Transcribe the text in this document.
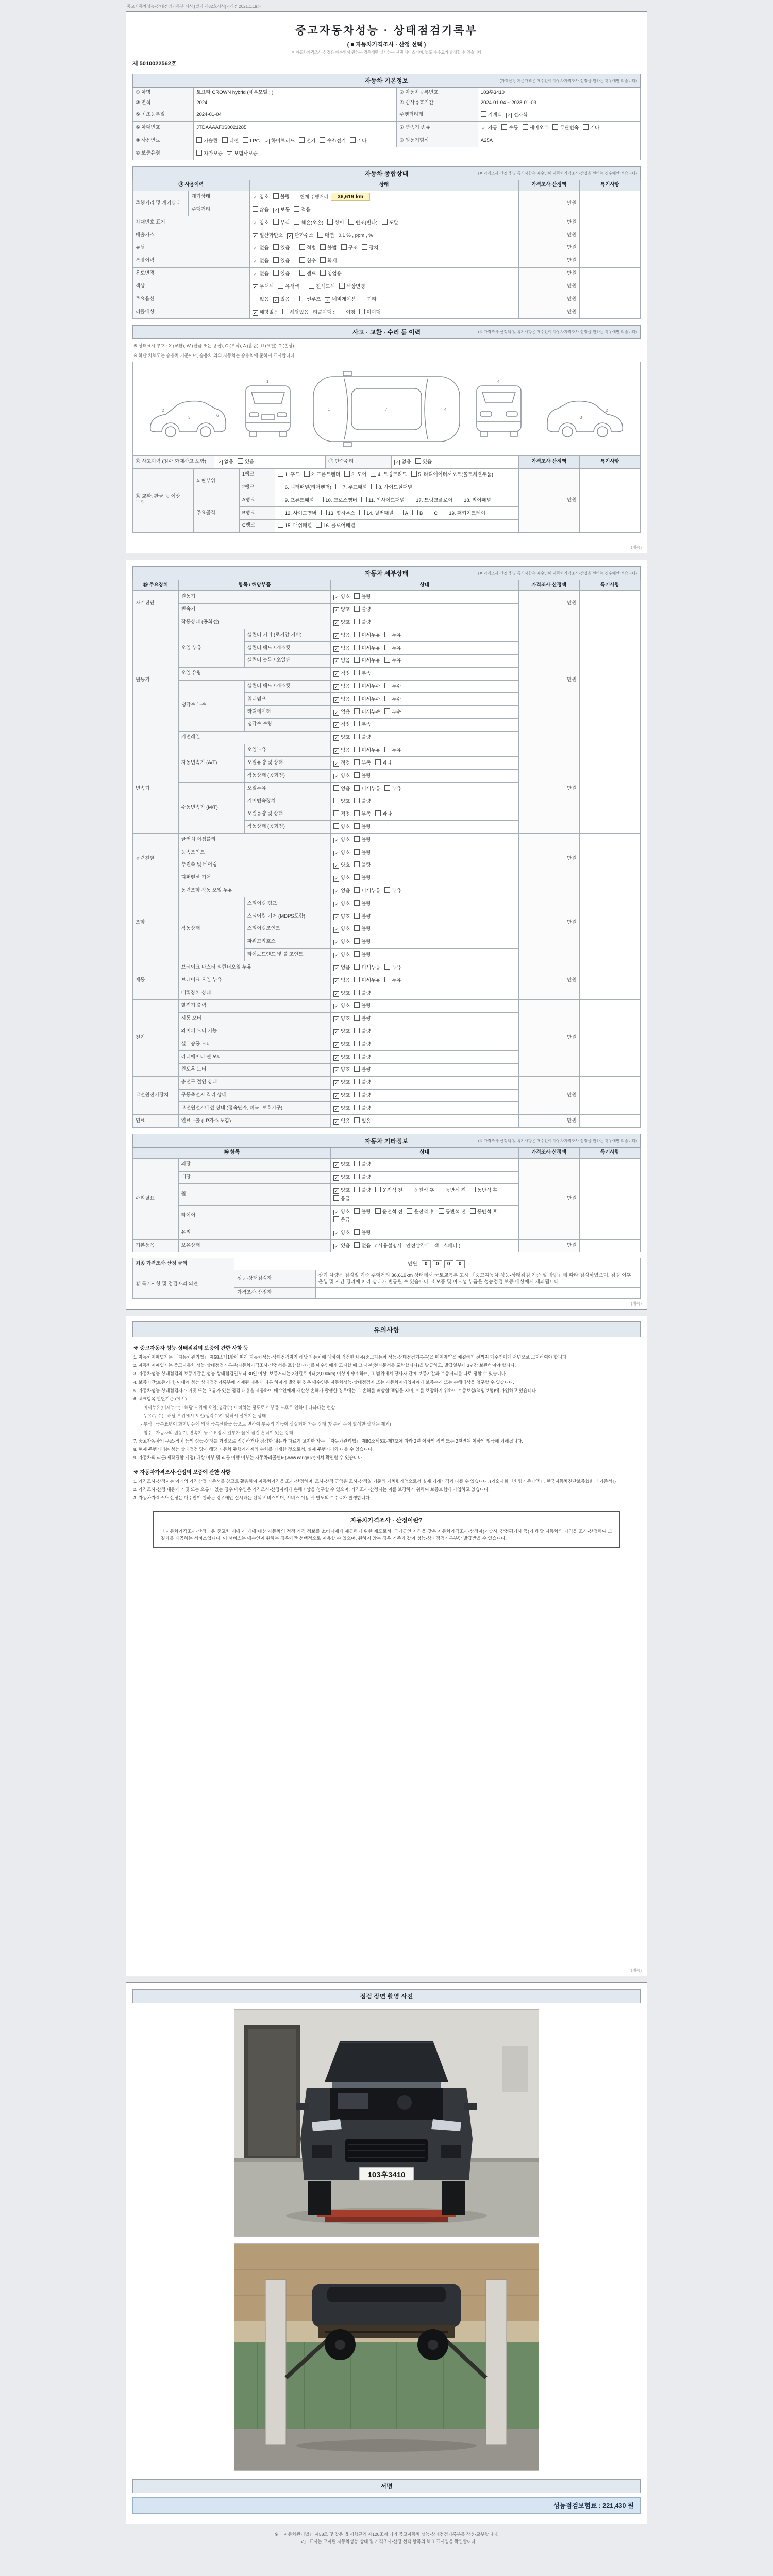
중고자동차성능·상태점검기록부 서식 [별지 제82호서식] <개정 2021.1.19.>
중고자동차성능 · 상태점검기록부
( ■ 자동차가격조사 · 산정 선택 )
※ 자동차가격조사·산정은 매수인이 원하는 경우에만 실시하는 선택 서비스이며, 별도 수수료가 발생할 수 있습니다
제 5010022562호
자동차 기본정보	(가격산정 기준가격은 매수인이 자동차가격조사·산정을 원하는 경우에만 적습니다)
① 차명	토요타 CROWN hybrid (세부모델 : )	② 자동차등록번호	103후3410
③ 연식	2024	④ 검사유효기간	2024-01-04 ~ 2028-01-03
⑤ 최초등록일	2024-01-04	주행거리계	기계식 ✓ 전자식
⑥ 차대번호	JTDAAAAF0S0021285	⑦ 변속기 종류	✓ 자동 수동 세미오토 무단변속 기타
⑧ 사용연료	가솔린 디젤 LPG ✓ 하이브리드 전기 수소전기 기타	⑨ 원동기형식	A25A
⑩ 보증유형	자가보증 ✓ 보험사보증		
자동차 종합상태	(※ 가격조사·산정액 및 특기사항은 매수인이 자동차가격조사·산정을 원하는 경우에만 적습니다)
⑪ 사용이력		상태	가격조사·산정액	특기사항
주행거리 및 계기상태	계기상태	✓ 양호 불량 현재 주행거리 36,619 km	만원	
	주행거리	많음 ✓ 보통 적음		
차대번호 표기		✓ 양호 부식 훼손(오손) 상이 변조(변타) 도말	만원	
배출가스		✓ 일산화탄소 ✓ 탄화수소 매연 0.1 % , ppm , %	만원	
튜닝		✓ 없음 있음 적법 불법 구조 장치	만원	
특별이력		✓ 없음 있음 침수 화재	만원	
용도변경		✓ 없음 있음 렌트 영업용	만원	
색상		✓ 무채색 유채색 전체도색 색상변경	만원	
주요옵션		없음 ✓ 있음 썬루프 ✓ 네비게이션 기타	만원	
리콜대상		✓ 해당없음 해당있음 리콜이행 : 이행 미이행	만원	
사고 · 교환 · 수리 등 이력	(※ 가격조사·산정액 및 특기사항은 매수인이 자동차가격조사·산정을 원하는 경우에만 적습니다)
※ 상태표시 부호 : X (교환), W (판금 또는 용접), C (부식), A (흠집), U (요철), T (손상)
※ 하단 차체도는 승용차 기준이며, 승용차 외의 자동차는 승용차에 준하여 표시합니다
2
3	6
1
1	7	4
4
2
3
⑫ 사고이력 (침수·화재사고 포함)	✓ 없음 있음	⑬ 단순수리	✓ 없음 있음	가격조사·산정액	특기사항
⑭ 교환, 판금 등 이상 부위	외판부위	1랭크	1. 후드 2. 프론트펜더 3. 도어 4. 트렁크리드 5. 라디에이터서포트(볼트체결부품)	만원	
		2랭크	6. 쿼터패널(리어펜더) 7. 루프패널 8. 사이드실패널		
	주요골격	A랭크	9. 프론트패널 10. 크로스멤버 11. 인사이드패널 17. 트렁크플로어 18. 리어패널		
		B랭크	12. 사이드멤버 13. 휠하우스 14. 필러패널 A B C 19. 패키지트레이		
		C랭크	15. 대쉬패널 16. 플로어패널		
(계속)
자동차 세부상태	(※ 가격조사·산정액 및 특기사항은 매수인이 자동차가격조사·산정을 원하는 경우에만 적습니다)
⑮ 주요장치	항목 / 해당부품		상태	가격조사·산정액	특기사항
자기진단	원동기		✓ 양호 불량	만원	
	변속기		✓ 양호 불량		
원동기	작동상태 (공회전)		✓ 양호 불량	만원	
	오일 누유	실린더 커버 (로커암 커버)	✓ 없음 미세누유 누유		
		실린더 헤드 / 개스킷	✓ 없음 미세누유 누유		
		실린더 블록 / 오일팬	✓ 없음 미세누유 누유		
	오일 유량		✓ 적정 부족		
	냉각수 누수	실린더 헤드 / 개스킷	✓ 없음 미세누수 누수		
		워터펌프	✓ 없음 미세누수 누수		
		라디에이터	✓ 없음 미세누수 누수		
		냉각수 수량	✓ 적정 부족		
	커먼레일		✓ 양호 불량		
변속기	자동변속기 (A/T)	오일누유	✓ 없음 미세누유 누유	만원	
		오일유량 및 상태	✓ 적정 부족 과다		
		작동상태 (공회전)	✓ 양호 불량		
	수동변속기 (M/T)	오일누유	없음 미세누유 누유		
		기어변속장치	양호 불량		
		오일유량 및 상태	적정 부족 과다		
		작동상태 (공회전)	양호 불량		
동력전달	클러치 어셈블리		✓ 양호 불량	만원	
	등속조인트		✓ 양호 불량		
	추진축 및 베어링		✓ 양호 불량		
	디퍼렌셜 기어		✓ 양호 불량		
조향	동력조향 작동 오일 누유		✓ 없음 미세누유 누유	만원	
	작동상태	스티어링 펌프	✓ 양호 불량		
		스티어링 기어 (MDPS포함)	✓ 양호 불량		
		스티어링조인트	✓ 양호 불량		
		파워고압호스	✓ 양호 불량		
		타이로드엔드 및 볼 조인트	✓ 양호 불량		
제동	브레이크 마스터 실린더오일 누유		✓ 없음 미세누유 누유	만원	
	브레이크 오일 누유		✓ 없음 미세누유 누유		
	배력장치 상태		✓ 양호 불량		
전기	발전기 출력		✓ 양호 불량	만원	
	시동 모터		✓ 양호 불량		
	와이퍼 모터 기능		✓ 양호 불량		
	실내송풍 모터		✓ 양호 불량		
	라디에이터 팬 모터		✓ 양호 불량		
	윈도우 모터		✓ 양호 불량		
고전원전기장치	충전구 절연 상태		✓ 양호 불량	만원	
	구동축전지 격리 상태		✓ 양호 불량		
	고전원전기배선 상태 (접속단자, 피복, 보호기구)		✓ 양호 불량		
연료	연료누출 (LP가스 포함)		✓ 없음 있음	만원	
자동차 기타정보	(※ 가격조사·산정액 및 특기사항은 매수인이 자동차가격조사·산정을 원하는 경우에만 적습니다)
⑯ 항목		상태	가격조사·산정액	특기사항
수리필요	외장	✓ 양호 불량	만원	
	내장	✓ 양호 불량		
	휠	✓ 양호 불량 운전석 전 운전석 후 동반석 전 동반석 후응급		
	타이어	✓ 양호 불량 운전석 전 운전석 후 동반석 전 동반석 후응급		
	유리	✓ 양호 불량		
기본품목	보유상태	✓ 있음 없음 ( 사용설명서 · 안전삼각대 · 잭 · 스패너 )	만원	
최종 가격조사·산정 금액	만원 0 0 0 0	
⑰ 특기사항 및 점검자의 의견	성능·상태점검자	상기 차량은 점검일 기준 주행거리 36,619km 상태에서 국토교통부 고시 「중고자동차 성능·상태점검 기준 및 방법」에 따라 점검하였으며, 점검 이후 운행 및 시간 경과에 따라 상태가 변동될 수 있습니다. 소모품 및 마모성 부품은 성능점검 보증 대상에서 제외됩니다.
	가격조사·산정자	
(계속)
유의사항
※ 중고자동차 성능·상태점검의 보증에 관한 사항 등
1. 자동차매매업자는 「자동차관리법」 제58조제1항에 따라 자동차성능·상태점검자가 해당 자동차에 대하여 점검한 내용(중고자동차 성능·상태점검기록부)을 매매계약을 체결하기 전까지 매수인에게 서면으로 고지하여야 합니다.
2. 자동차매매업자는 중고자동차 성능·상태점검기록부(자동차가격조사·산정서를 포함합니다)를 매수인에게 고지할 때 그 사본(전자문서를 포함합니다)을 발급하고, 발급일부터 3년간 보관하여야 합니다.
3. 자동차성능·상태점검의 보증기간은 성능·상태점검일부터 30일 이상, 보증거리는 2천킬로미터(2,000km) 이상이어야 하며, 그 범위에서 당사자 간에 보증기간과 보증거리를 따로 정할 수 있습니다.
4. 보증기간(보증거리) 이내에 성능·상태점검기록부에 기재된 내용과 다른 하자가 발견된 경우 매수인은 자동차성능·상태점검자 또는 자동차매매업자에게 보증수리 또는 손해배상을 청구할 수 있습니다.
5. 자동차성능·상태점검자가 거짓 또는 오류가 있는 점검 내용을 제공하여 매수인에게 재산상 손해가 발생한 경우에는 그 손해를 배상할 책임을 지며, 이를 보장하기 위하여 보증보험(책임보험)에 가입하고 있습니다.
6. 체크항목 판단기준 (예시)
· 미세누유(미세누수) : 해당 부위에 오일(냉각수)이 비치는 정도로서 부품 노후로 인하여 나타나는 현상
· 누유(누수) : 해당 부위에서 오일(냉각수)이 맺혀서 떨어지는 상태
· 부식 : 금속표면이 화학반응에 의해 금속산화물 등으로 변하여 부품의 기능이 상실되어 가는 상태 (단순히 녹이 발생한 상태는 제외)
· 침수 : 자동차의 원동기, 변속기 등 주요장치 일부가 물에 잠긴 흔적이 있는 상태
7. 중고자동차의 구조·장치 등의 성능·상태를 거짓으로 점검하거나 점검한 내용과 다르게 고지한 자는 「자동차관리법」 제80조제6호·제7호에 따라 2년 이하의 징역 또는 2천만원 이하의 벌금에 처해집니다.
8. 현재 주행거리는 성능·상태점검 당시 해당 자동차 주행거리계의 수치를 기재한 것으로서, 실제 주행거리와 다를 수 있습니다.
9. 자동차의 리콜(제작결함 시정) 대상 여부 및 리콜 이행 여부는 자동차리콜센터(www.car.go.kr)에서 확인할 수 있습니다.
※ 자동차가격조사·산정의 보증에 관한 사항
1. 가격조사·산정자는 아래의 가격산정 기준서를 참고로 활용하여 자동차가격을 조사·산정하며, 조사·산정 금액은 조사·산정일 기준의 가치평가액으로서 실제 거래가격과 다를 수 있습니다. (기술사회 「차량기준가액」, 한국자동차진단보증협회 「기준서」)
2. 가격조사·산정 내용에 거짓 또는 오류가 있는 경우 매수인은 가격조사·산정자에게 손해배상을 청구할 수 있으며, 가격조사·산정자는 이를 보장하기 위하여 보증보험에 가입하고 있습니다.
3. 자동차가격조사·산정은 매수인이 원하는 경우에만 실시하는 선택 서비스이며, 서비스 이용 시 별도의 수수료가 발생합니다.
자동차가격조사 · 산정이란?
「자동차가격조사·산정」은 중고차 매매 시 매매 대상 자동차의 적정 가격 정보를 소비자에게 제공하기 위한 제도로서, 국가공인 자격을 갖춘 자동차가격조사·산정자(기술사, 감정평가사 등)가 해당 자동차의 가격을 조사·산정하여 그 결과를 제공하는 서비스입니다. 이 서비스는 매수인이 원하는 경우에만 선택적으로 이용할 수 있으며, 원하지 않는 경우 기존과 같이 성능·상태점검기록부만 발급받을 수 있습니다.
(계속)
점검 장면 촬영 사진
103후3410
서명
성능점검보험료 : 221,430 원
※ 「자동차관리법」 제58조 및 같은 법 시행규칙 제120조에 따라 중고자동차 성능·상태점검기록부를 작성·교부합니다.
「V」 표시는 고지된 자동차성능·상태 및 가격조사·산정 선택 항목의 체크 표시임을 확인합니다.
